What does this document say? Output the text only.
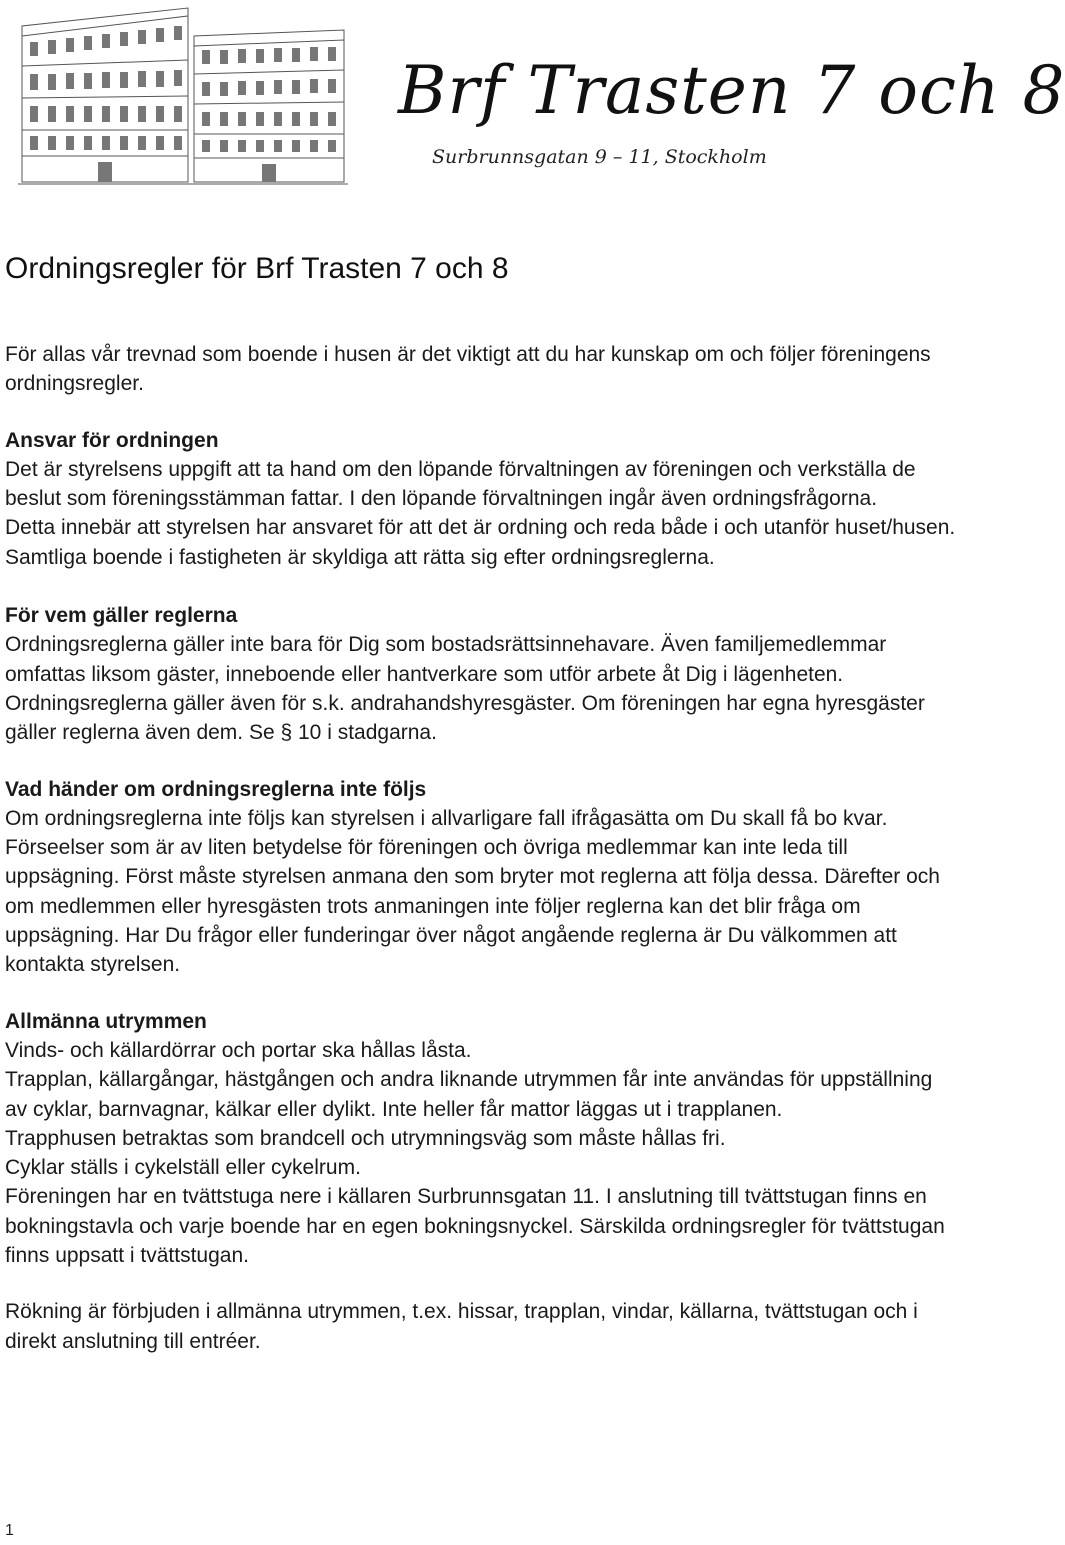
Brf Trasten 7 och 8
Surbrunnsgatan 9 – 11, Stockholm
Ordningsregler för Brf Trasten 7 och 8

För allas vår trevnad som boende i husen är det viktigt att du har kunskap om och följer föreningens ordningsregler.

Ansvar för ordningen

Det är styrelsens uppgift att ta hand om den löpande förvaltningen av föreningen och verkställa de beslut som föreningsstämman fattar. I den löpande förvaltningen ingår även ordningsfrågorna.

Detta innebär att styrelsen har ansvaret för att det är ordning och reda både i och utanför huset/husen. Samtliga boende i fastigheten är skyldiga att rätta sig efter ordningsreglerna.

För vem gäller reglerna

Ordningsreglerna gäller inte bara för Dig som bostadsrättsinnehavare. Även familjemedlemmar omfattas liksom gäster, inneboende eller hantverkare som utför arbete åt Dig i lägenheten. Ordningsreglerna gäller även för s.k. andrahandshyresgäster. Om föreningen har egna hyresgäster gäller reglerna även dem. Se § 10 i stadgarna.

Vad händer om ordningsreglerna inte följs

Om ordningsreglerna inte följs kan styrelsen i allvarligare fall ifrågasätta om Du skall få bo kvar. Förseelser som är av liten betydelse för föreningen och övriga medlemmar kan inte leda till uppsägning. Först måste styrelsen anmana den som bryter mot reglerna att följa dessa. Därefter och om medlemmen eller hyresgästen trots anmaningen inte följer reglerna kan det blir fråga om uppsägning. Har Du frågor eller funderingar över något angående reglerna är Du välkommen att kontakta styrelsen.

Allmänna utrymmen

Vinds- och källardörrar och portar ska hållas låsta.

Trapplan, källargångar, hästgången och andra liknande utrymmen får inte användas för uppställning av cyklar, barnvagnar, kälkar eller dylikt. Inte heller får mattor läggas ut i trapplanen.

Trapphusen betraktas som brandcell och utrymningsväg som måste hållas fri.

Cyklar ställs i cykelställ eller cykelrum.

Föreningen har en tvättstuga nere i källaren Surbrunnsgatan 11. I anslutning till tvättstugan finns en bokningstavla och varje boende har en egen bokningsnyckel. Särskilda ordningsregler för tvättstugan finns uppsatt i tvättstugan.

Rökning är förbjuden i allmänna utrymmen, t.ex. hissar, trapplan, vindar, källarna, tvättstugan och i direkt anslutning till entréer.

1
